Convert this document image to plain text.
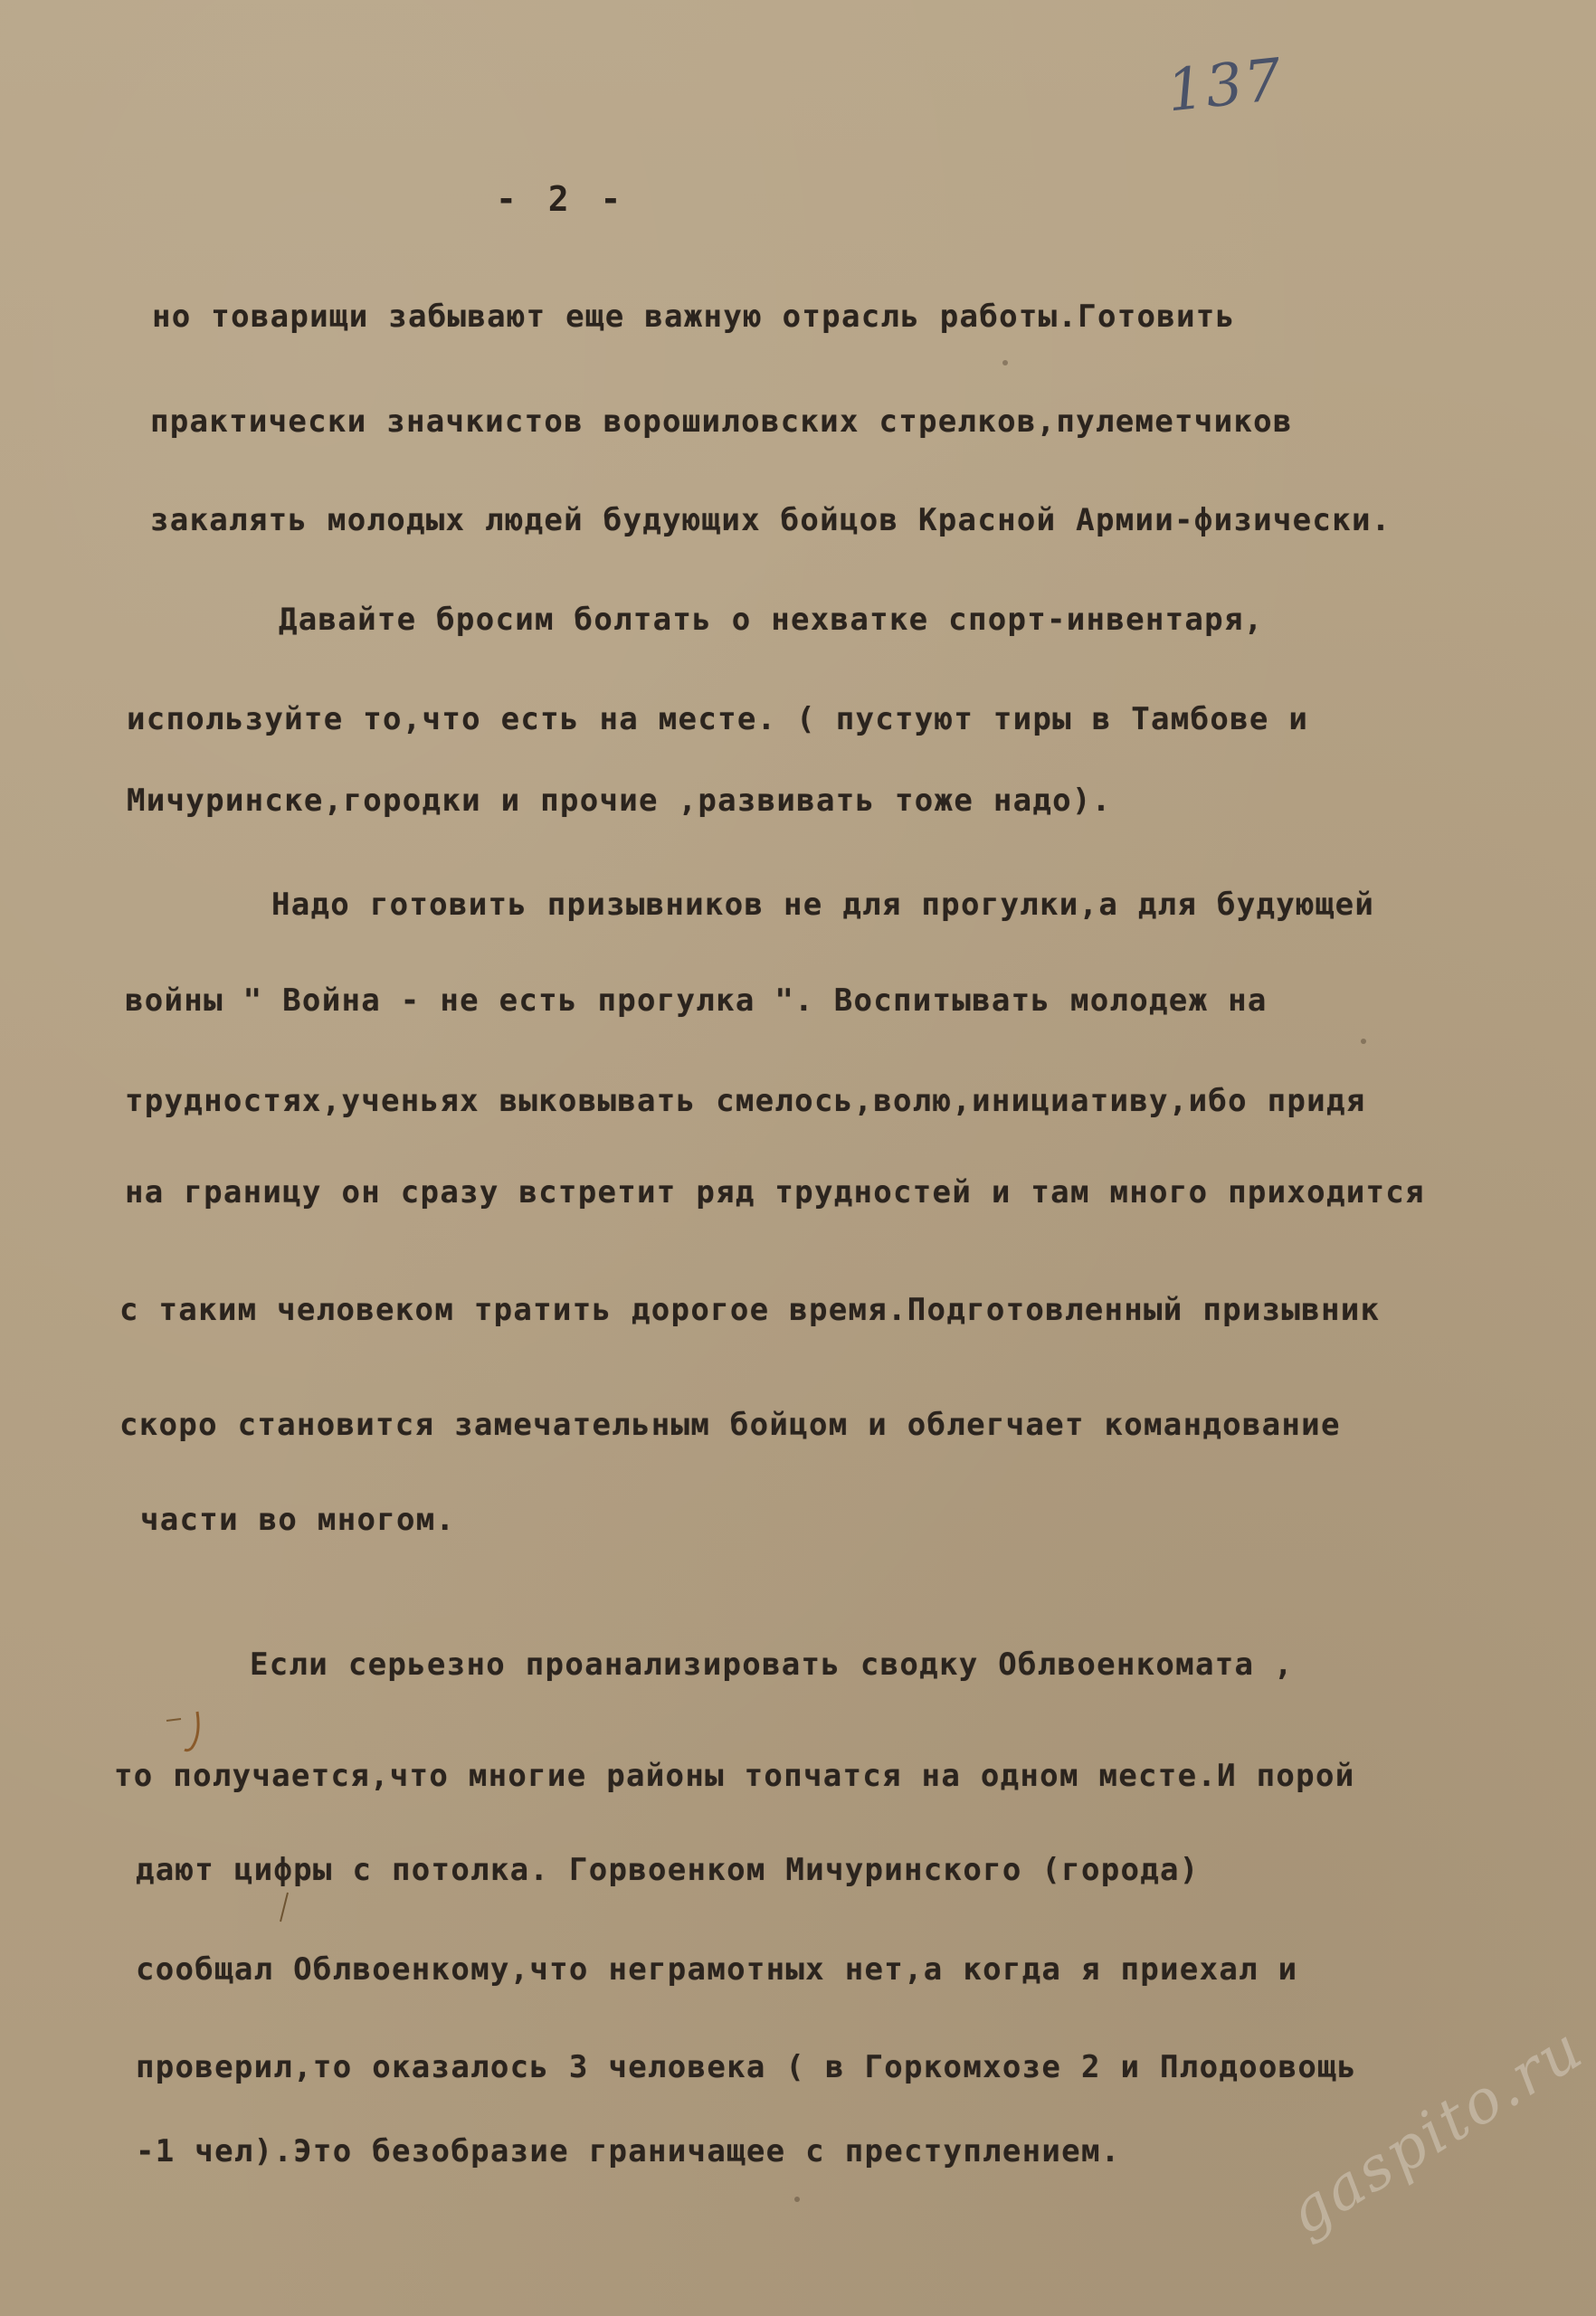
137
- 2 -
но товарищи забывают еще важную отрасль работы.Готовить
практически значкистов ворошиловских стрелков,пулеметчиков
закалять молодых людей будующих бойцов Красной Армии-физически.
Давайте бросим болтать о нехватке спорт-инвентаря,
используйте то,что есть на месте. ( пустуют тиры в Тамбове и
Мичуринске,городки и прочие ,развивать тоже надо).
Надо готовить призывников не для прогулки,а для будующей
войны " Война - не есть прогулка ". Воспитывать молодеж на
трудностях,ученьях выковывать смелось,волю,инициативу,ибо придя
на границу он сразу встретит ряд трудностей и там много приходится
с таким человеком тратить дорогое время.Подготовленный призывник
скоро становится замечательным бойцом и облегчает командование
части во многом.
Если серьезно проанализировать сводку Облвоенкомата ,
то получается,что многие районы топчатся на одном месте.И порой
дают цифры с потолка. Горвоенком Мичуринского (города)
сообщал Облвоенкому,что неграмотных нет,а когда я приехал и
проверил,то оказалось 3 человека ( в Горкомхозе 2 и Плодоовощь
-1 чел).Это безобразие граничащее с преступлением.	gaspito.ru
